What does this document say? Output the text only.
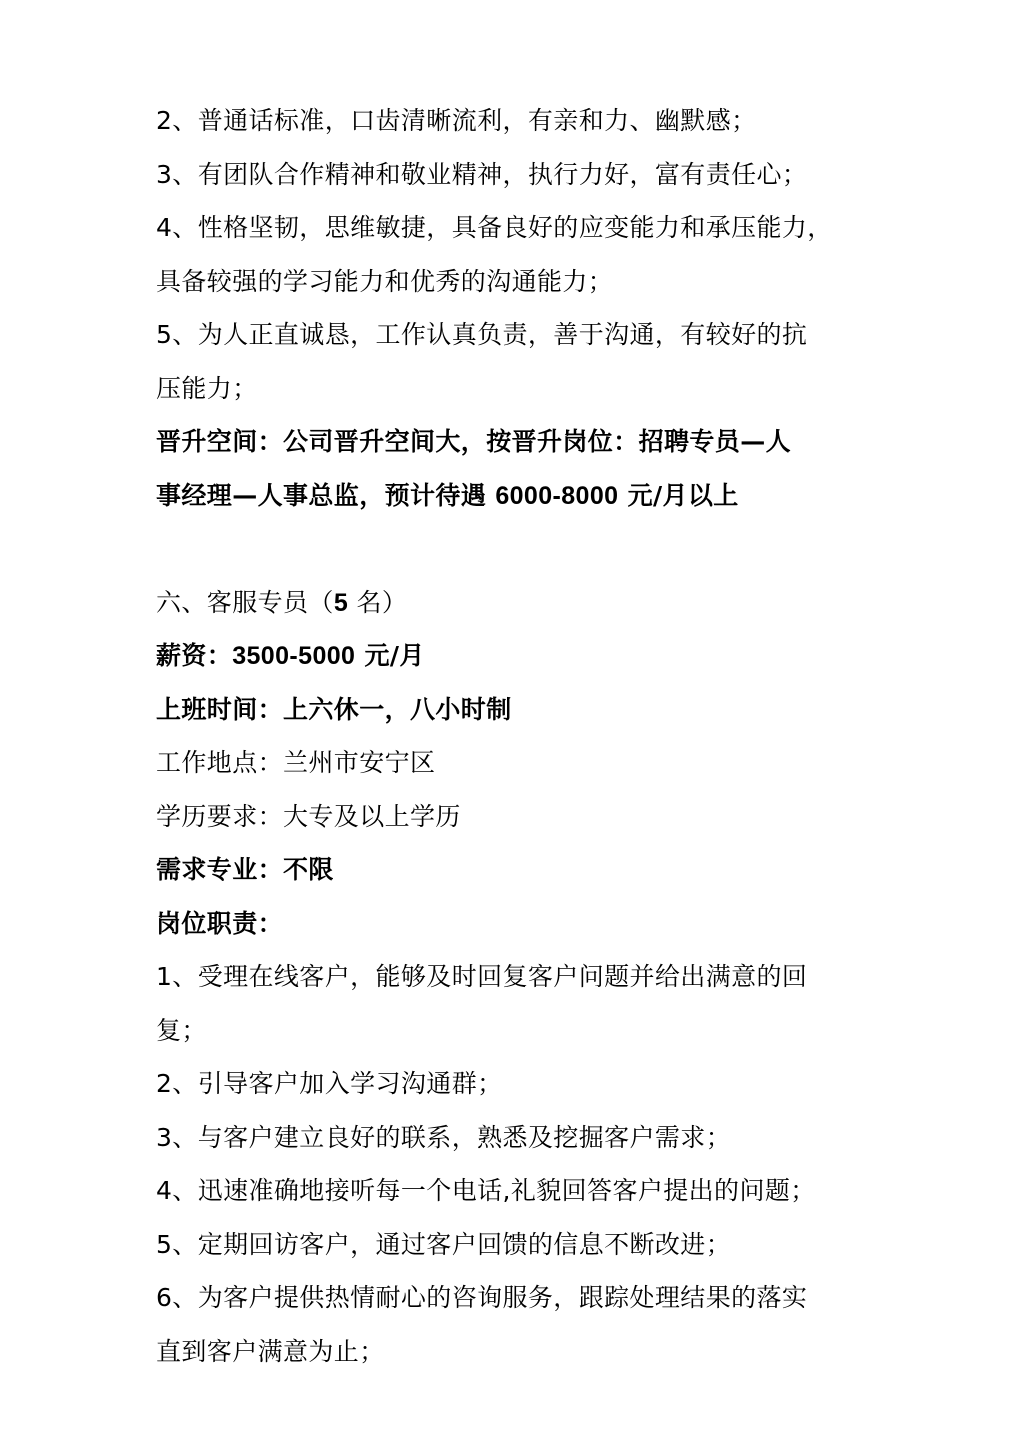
2、普通话标准，口齿清晰流利，有亲和力、幽默感；
3、有团队合作精神和敬业精神，执行力好，富有责任心；
4、性格坚韧，思维敏捷，具备良好的应变能力和承压能力，
具备较强的学习能力和优秀的沟通能力；
5、为人正直诚恳，工作认真负责，善于沟通，有较好的抗
压能力；
晋升空间：公司晋升空间大，按晋升岗位：招聘专员—人
事经理—人事总监，预计待遇 6000-8000 元/月以上
六、客服专员（5 名）
薪资：3500-5000 元/月
上班时间：上六休一，八小时制
工作地点：兰州市安宁区
学历要求：大专及以上学历
需求专业：不限
岗位职责：
1、受理在线客户，能够及时回复客户问题并给出满意的回
复；
2、引导客户加入学习沟通群；
3、与客户建立良好的联系，熟悉及挖掘客户需求；
4、迅速准确地接听每一个电话,礼貌回答客户提出的问题；
5、定期回访客户，通过客户回馈的信息不断改进；
6、为客户提供热情耐心的咨询服务，跟踪处理结果的落实
直到客户满意为止；
